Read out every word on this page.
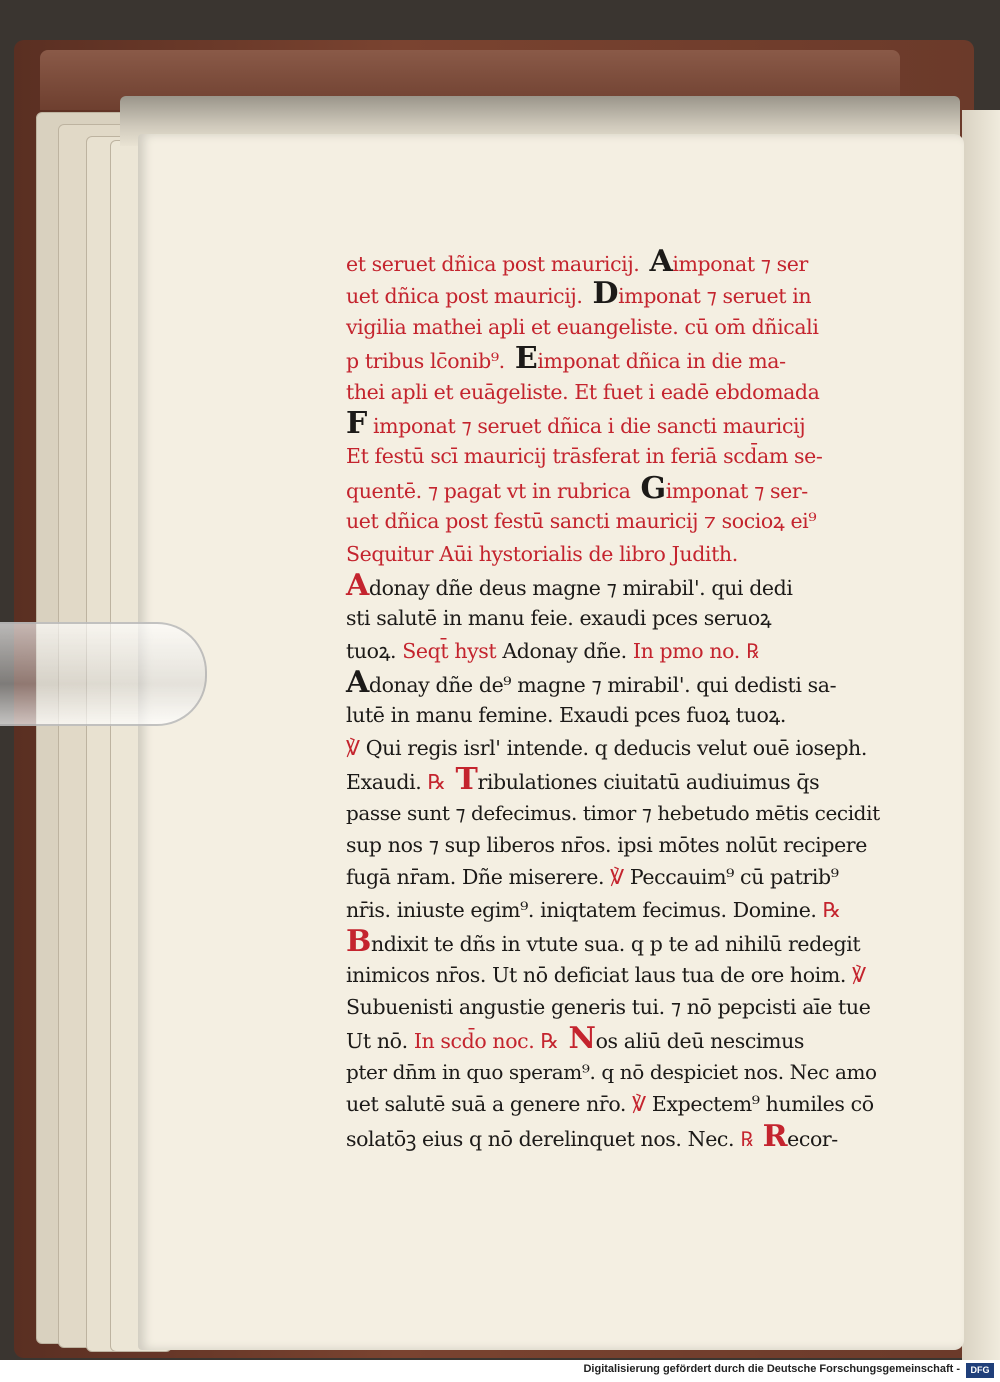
et seruet dñica post mauricij. Aimponat ⁊ ser
uet dñica post mauricij. Dimponat ⁊ seruet in
vigilia mathei apli et euangeliste. cū om̄ dñicali
p tribus lc̄onib⁹. Eimponat dñica in die ma-
thei apli et euāgeliste. Et fuet i eadē ebdomada
F imponat ⁊ seruet dñica i die sancti mauricij
Et festū scī mauricij trāsferat in feriā scd̄am se-
quentē. ⁊ pagat vt in rubrica Gimponat ⁊ ser-
uet dñica post festū sancti mauricij ⁊ socioꝝ ei⁹
Sequitur Aūi hystorialis de libro Judith.
Adonay dñe deus magne ⁊ mirabil'. qui dedi
sti salutē in manu feie. exaudi pces seruoꝝ
tuoꝝ. Seqt̄ hyst Adonay dñe. In pmo no. ℞
Adonay dñe de⁹ magne ⁊ mirabil'. qui dedisti sa-
lutē in manu femine. Exaudi pces fuoꝝ tuoꝝ.
℣ Qui regis isrl' intende. q deducis velut ouē ioseph.
Exaudi. ℞ Tribulationes ciuitatū audiuimus q̄s
passe sunt ⁊ defecimus. timor ⁊ hebetudo mētis cecidit
sup nos ⁊ sup liberos nr̄os. ipsi mōtes nolūt recipere
fugā nr̄am. Dñe miserere. ℣ Peccauim⁹ cū patrib⁹
nr̄is. iniuste egim⁹. iniqtatem fecimus. Domine. ℞
Bndixit te dñs in vtute sua. q p te ad nihilū redegit
inimicos nr̄os. Ut nō deficiat laus tua de ore hoim. ℣
Subuenisti angustie generis tui. ⁊ nō pepcisti aīe tue
Ut nō. In scd̄o noc. ℞ Nos aliū deū nescimus
pter dn̄m in quo speram⁹. q nō despiciet nos. Nec amo
uet salutē suā a genere nr̄o. ℣ Expectem⁹ humiles cō
solatōꝫ eius q nō derelinquet nos. Nec. ℞ Recor-
Digitalisierung gefördert durch die Deutsche Forschungsgemeinschaft -	DFG
